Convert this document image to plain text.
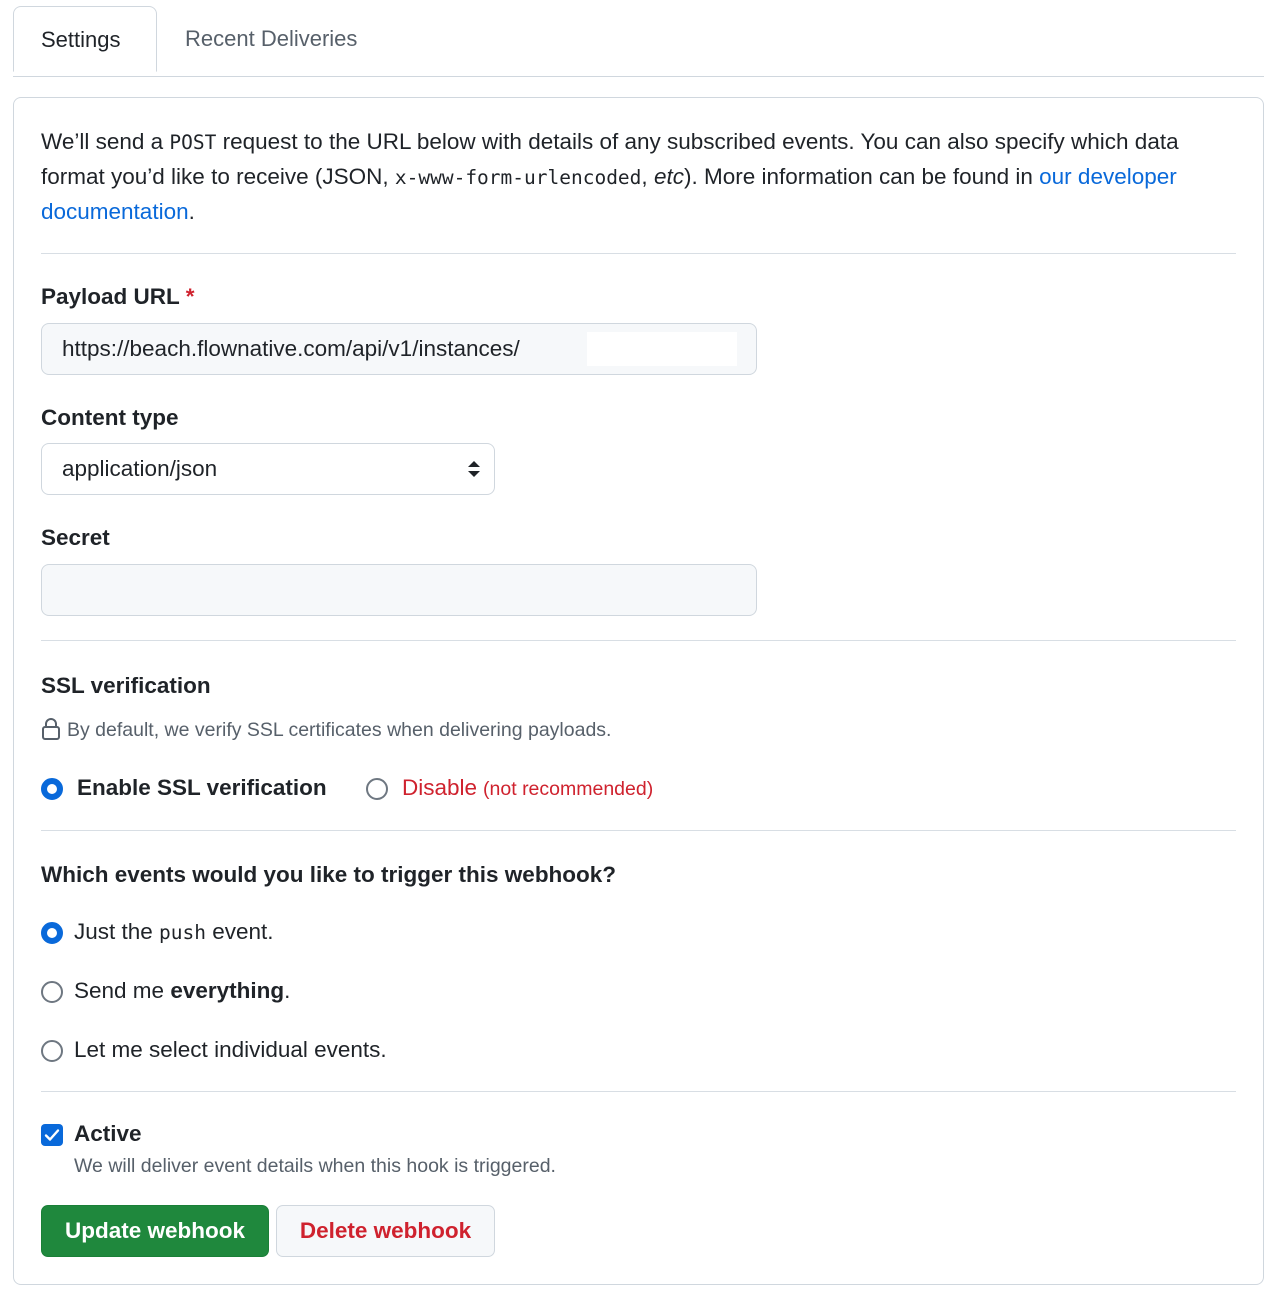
Settings	Recent Deliveries

We’ll send a POST request to the URL below with details of any subscribed events. You can also specify which data format you’d like to receive (JSON, x-www-form-urlencoded, etc). More information can be found in our developer documentation.

Payload URL *

https://beach.flownative.com/api/v1/instances/

Content type

application/json

Secret

SSL verification

By default, we verify SSL certificates when delivering payloads.

Enable SSL verification	Disable (not recommended)

Which events would you like to trigger this webhook?

Just the push event.
Send me everything.
Let me select individual events.
Active

We will deliver event details when this hook is triggered.

Update webhook	Delete webhook
